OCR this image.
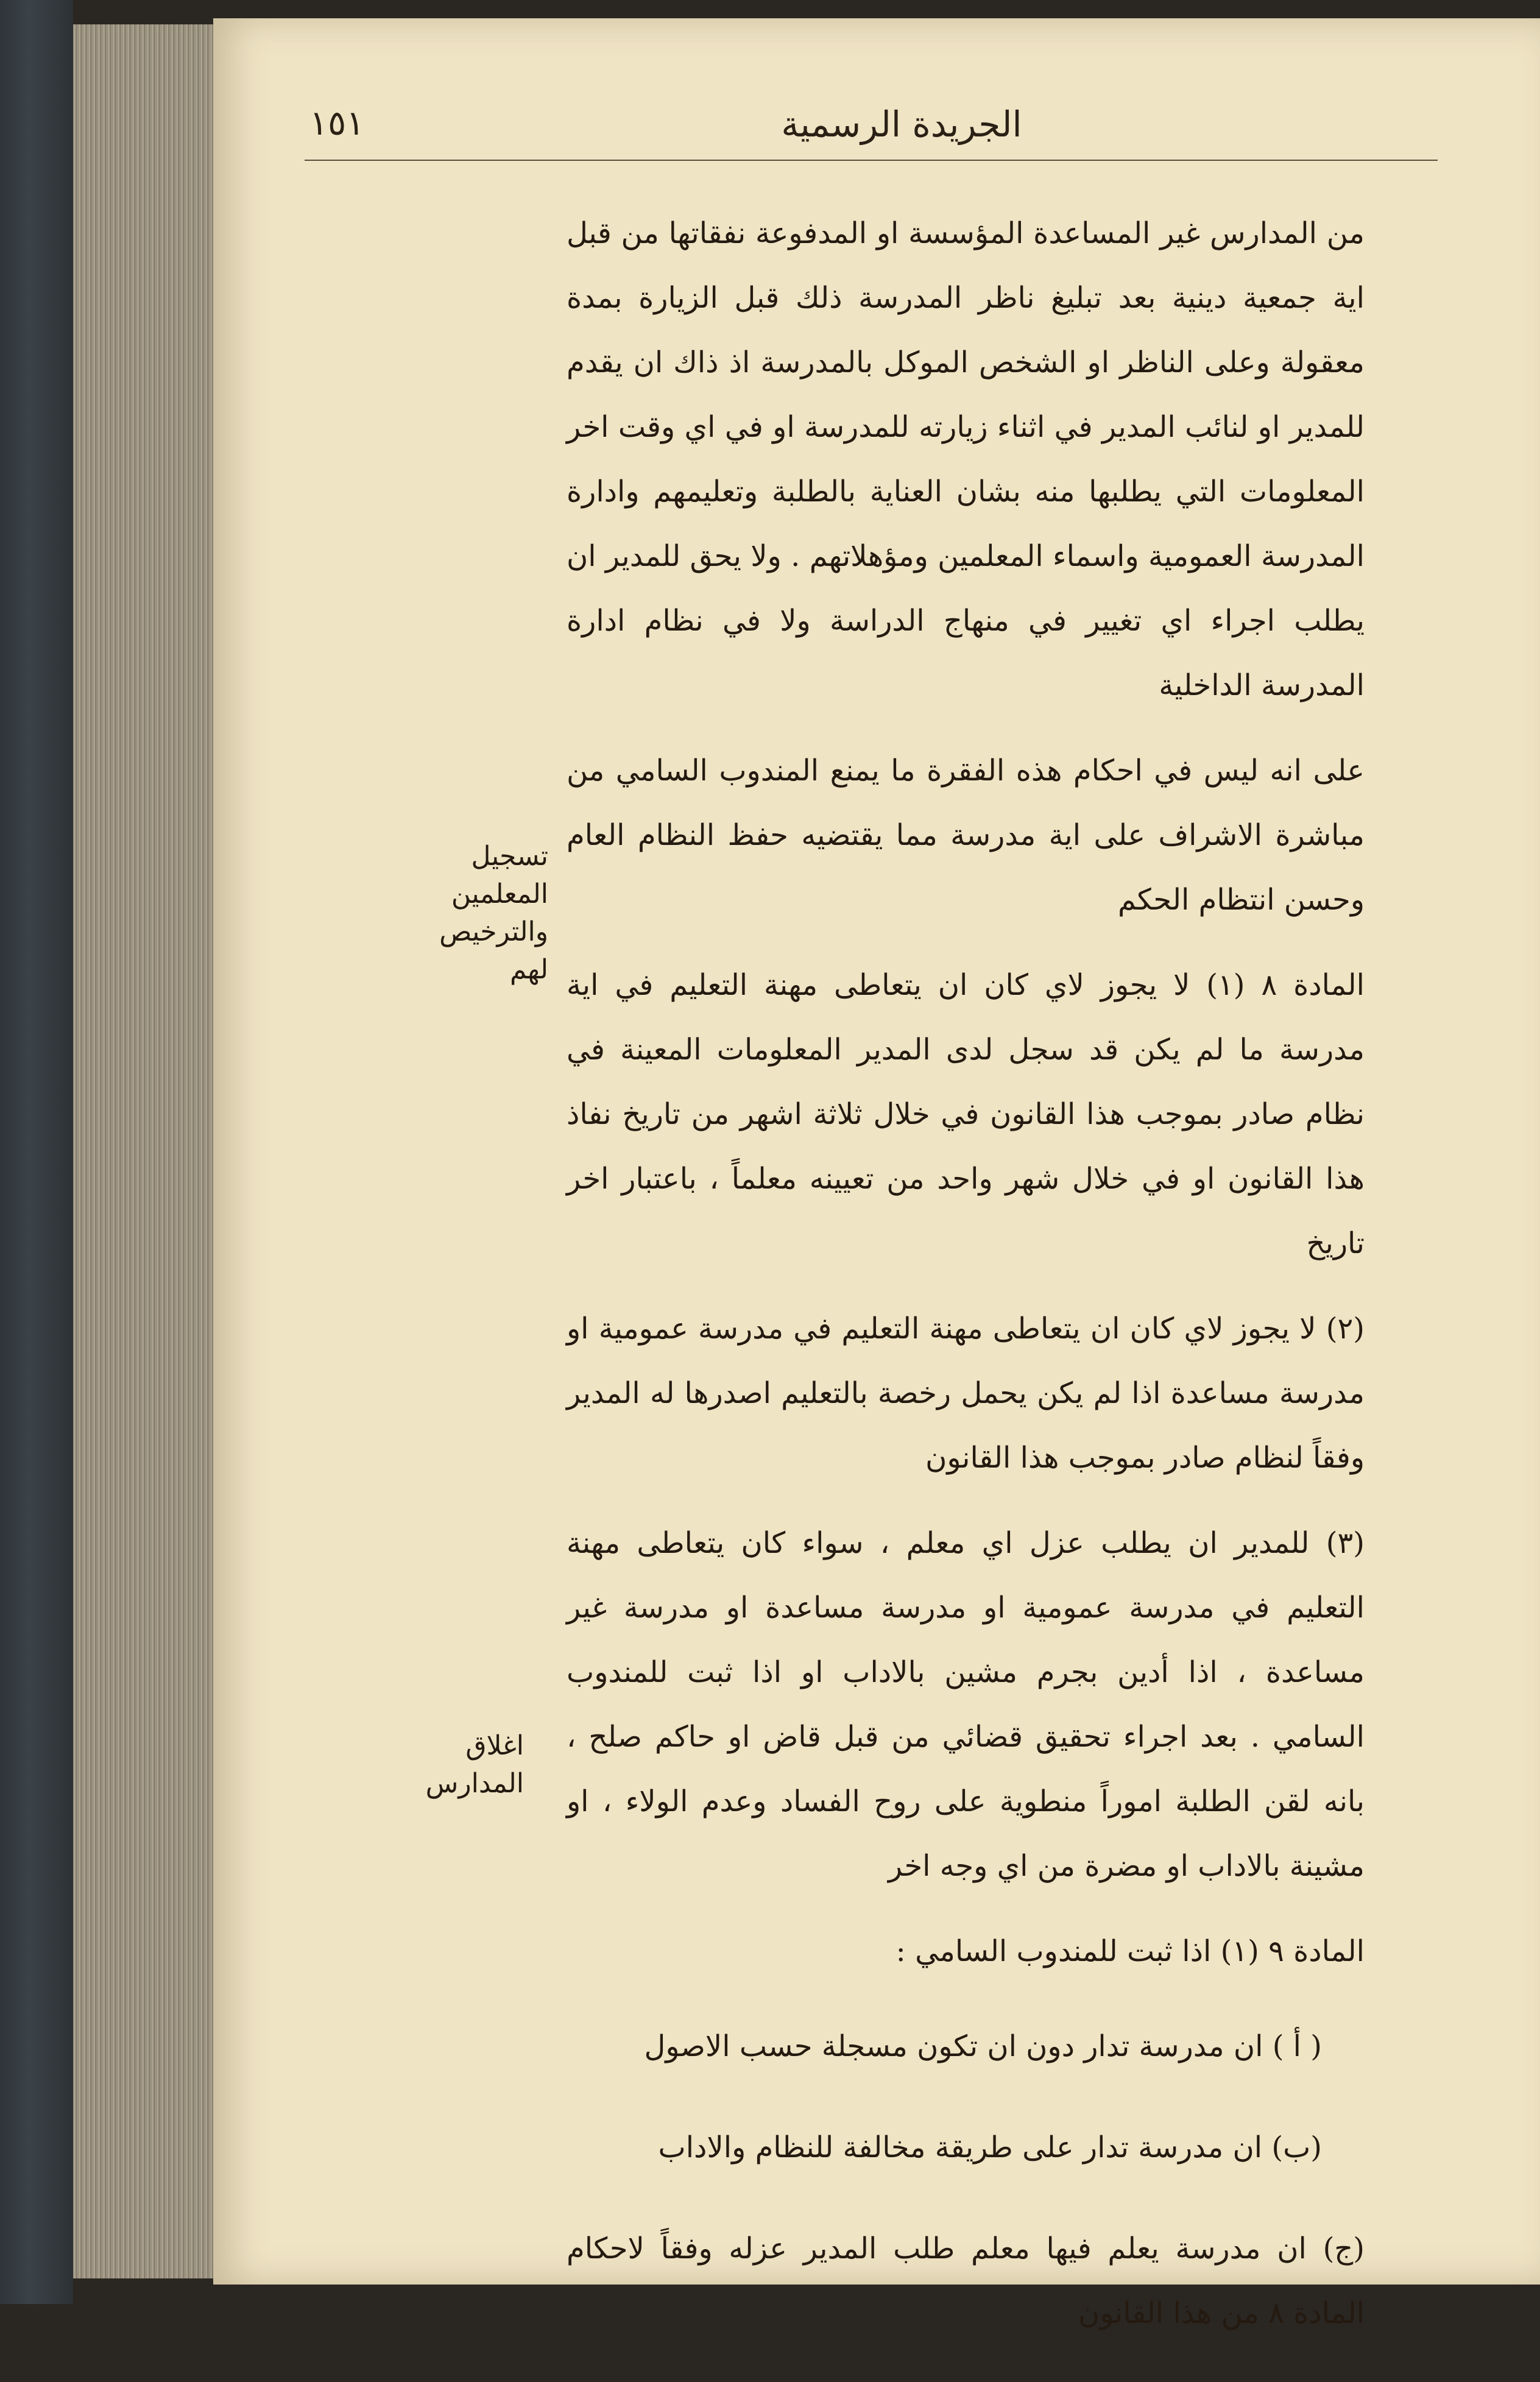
١٥١	الجريدة الرسمية
تسجيل المعلمين
والترخيص لهم
اغلاق المدارس

من المدارس غير المساعدة المؤسسة او المدفوعة نفقاتها من قبل اية جمعية دينية بعد تبليغ ناظر المدرسة ذلك قبل الزيارة بمدة معقولة وعلى الناظر او الشخص الموكل بالمدرسة اذ ذاك ان يقدم للمدير او لنائب المدير في اثناء زيارته للمدرسة او في اي وقت اخر المعلومات التي يطلبها منه بشان العناية بالطلبة وتعليمهم وادارة المدرسة العمومية واسماء المعلمين ومؤهلاتهم . ولا يحق للمدير ان يطلب اجراء اي تغيير في منهاج الدراسة ولا في نظام ادارة المدرسة الداخلية

على انه ليس في احكام هذه الفقرة ما يمنع المندوب السامي من مباشرة الاشراف على اية مدرسة مما يقتضيه حفظ النظام العام وحسن انتظام الحكم

المادة ٨ (١) لا يجوز لاي كان ان يتعاطى مهنة التعليم في اية مدرسة ما لم يكن قد سجل لدى المدير المعلومات المعينة في نظام صادر بموجب هذا القانون في خلال ثلاثة اشهر من تاريخ نفاذ هذا القانون او في خلال شهر واحد من تعيينه معلماً ، باعتبار اخر تاريخ

(٢) لا يجوز لاي كان ان يتعاطى مهنة التعليم في مدرسة عمومية او مدرسة مساعدة اذا لم يكن يحمل رخصة بالتعليم اصدرها له المدير وفقاً لنظام صادر بموجب هذا القانون

(٣) للمدير ان يطلب عزل اي معلم ، سواء كان يتعاطى مهنة التعليم في مدرسة عمومية او مدرسة مساعدة او مدرسة غير مساعدة ، اذا أدين بجرم مشين بالاداب او اذا ثبت للمندوب السامي . بعد اجراء تحقيق قضائي من قبل قاض او حاكم صلح ، بانه لقن الطلبة اموراً منطوية على روح الفساد وعدم الولاء ، او مشينة بالاداب او مضرة من اي وجه اخر

المادة ٩ (١) اذا ثبت للمندوب السامي :

( أ ) ان مدرسة تدار دون ان تكون مسجلة حسب الاصول

(ب) ان مدرسة تدار على طريقة مخالفة للنظام والاداب

(ج) ان مدرسة يعلم فيها معلم طلب المدير عزله وفقاً لاحكام المادة ٨ من هذا القانون
